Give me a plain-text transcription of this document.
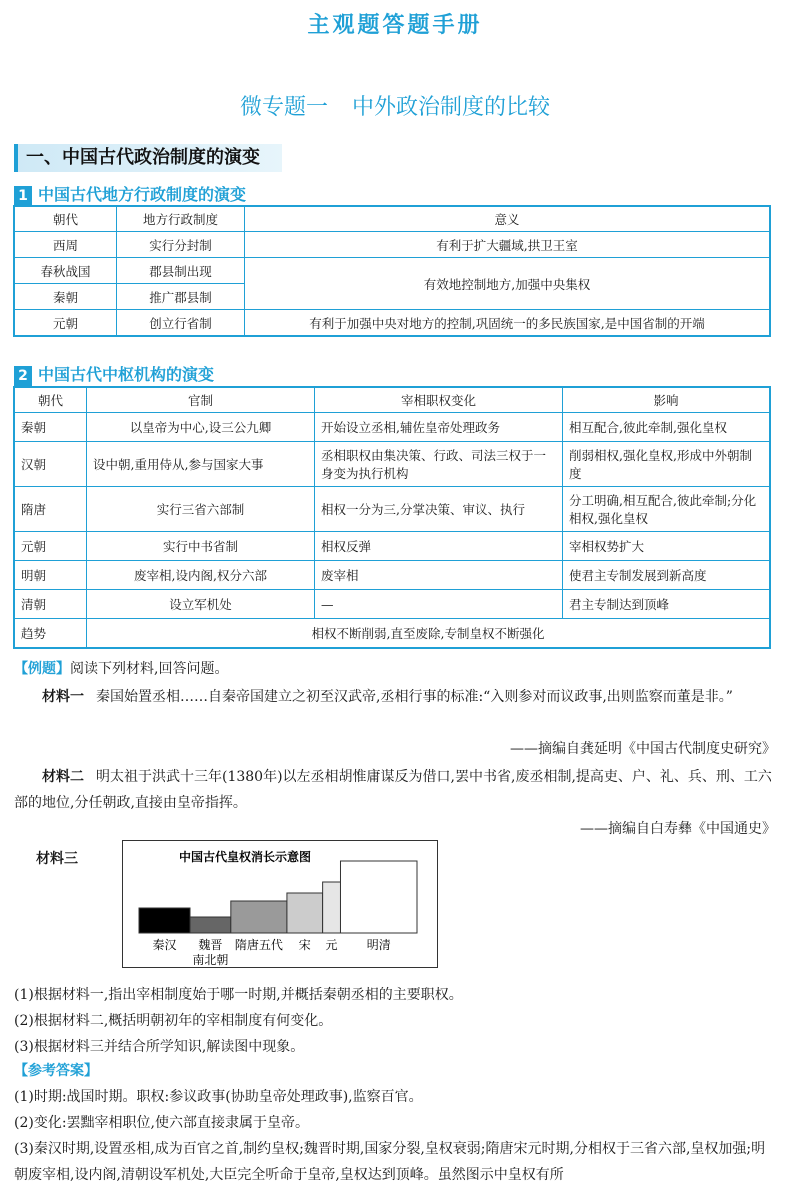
主观题答题手册
微专题一 中外政治制度的比较
一、中国古代政治制度的演变
1 中国古代地方行政制度的演变
朝代	地方行政制度	意义
西周	实行分封制	有利于扩大疆域,拱卫王室
春秋战国	郡县制出现	有效地控制地方,加强中央集权
秦朝	推广郡县制	
元朝	创立行省制	有利于加强中央对地方的控制,巩固统一的多民族国家,是中国省制的开端
2 中国古代中枢机构的演变
朝代	官制	宰相职权变化	影响
秦朝	以皇帝为中心,设三公九卿	开始设立丞相,辅佐皇帝处理政务	相互配合,彼此牵制,强化皇权
汉朝	设中朝,重用侍从,参与国家大事	丞相职权由集决策、行政、司法三权于一身变为执行机构	削弱相权,强化皇权,形成中外朝制度
隋唐	实行三省六部制	相权一分为三,分掌决策、审议、执行	分工明确,相互配合,彼此牵制;分化相权,强化皇权
元朝	实行中书省制	相权反弹	宰相权势扩大
明朝	废宰相,设内阁,权分六部	废宰相	使君主专制发展到新高度
清朝	设立军机处	—	君主专制达到顶峰
趋势	相权不断削弱,直至废除,专制皇权不断强化		
【例题】阅读下列材料,回答问题。
材料一 秦国始置丞相……自秦帝国建立之初至汉武帝,丞相行事的标准:“入则参对而议政事,出则监察而董是非。”
——摘编自龚延明《中国古代制度史研究》
材料二 明太祖于洪武十三年(1380年)以左丞相胡惟庸谋反为借口,罢中书省,废丞相制,提高吏、户、礼、兵、刑、工六部的地位,分任朝政,直接由皇帝指挥。
——摘编自白寿彝《中国通史》
材料三	中国古代皇权消长示意图
秦汉	魏晋南北朝
隋唐五代 宋 元 明清
(1)根据材料一,指出宰相制度始于哪一时期,并概括秦朝丞相的主要职权。
(2)根据材料二,概括明朝初年的宰相制度有何变化。
(3)根据材料三并结合所学知识,解读图中现象。
【参考答案】
(1)时期:战国时期。职权:参议政事(协助皇帝处理政事),监察百官。
(2)变化:罢黜宰相职位,使六部直接隶属于皇帝。
(3)秦汉时期,设置丞相,成为百官之首,制约皇权;魏晋时期,国家分裂,皇权衰弱;隋唐宋元时期,分相权于三省六部,皇权加强;明朝废宰相,设内阁,清朝设军机处,大臣完全听命于皇帝,皇权达到顶峰。虽然图示中皇权有所
